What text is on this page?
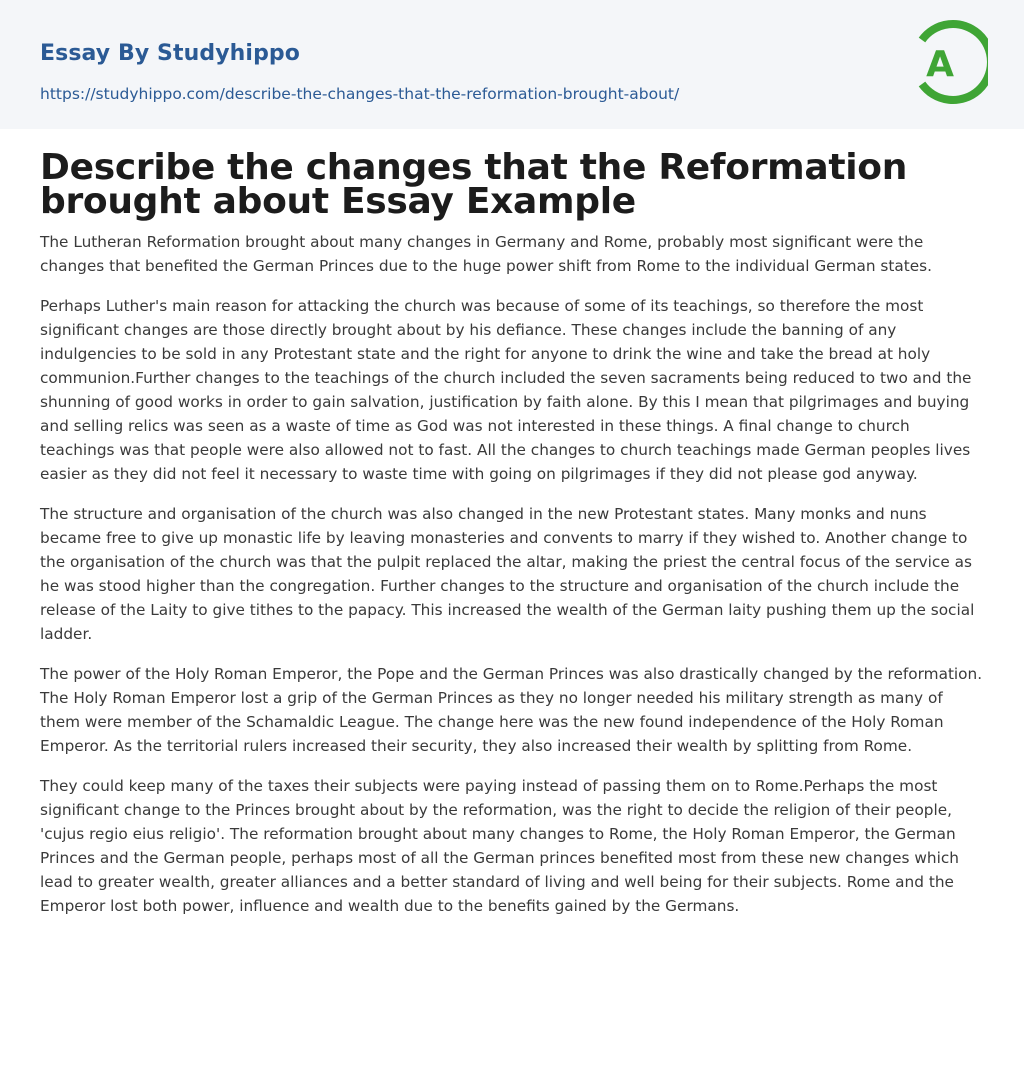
Essay By Studyhippo
https://studyhippo.com/describe-the-changes-that-the-reformation-brought-about/
A
Describe the changes that the Reformation brought about Essay Example

The Lutheran Reformation brought about many changes in Germany and Rome, probably most significant were the changes that benefited the German Princes due to the huge power shift from Rome to the individual German states.

Perhaps Luther's main reason for attacking the church was because of some of its teachings, so therefore the most significant changes are those directly brought about by his defiance. These changes include the banning of any indulgencies to be sold in any Protestant state and the right for anyone to drink the wine and take the bread at holy communion.Further changes to the teachings of the church included the seven sacraments being reduced to two and the shunning of good works in order to gain salvation, justification by faith alone. By this I mean that pilgrimages and buying and selling relics was seen as a waste of time as God was not interested in these things. A final change to church teachings was that people were also allowed not to fast. All the changes to church teachings made German peoples lives easier as they did not feel it necessary to waste time with going on pilgrimages if they did not please god anyway.

The structure and organisation of the church was also changed in the new Protestant states. Many monks and nuns became free to give up monastic life by leaving monasteries and convents to marry if they wished to. Another change to the organisation of the church was that the pulpit replaced the altar, making the priest the central focus of the service as he was stood higher than the congregation. Further changes to the structure and organisation of the church include the release of the Laity to give tithes to the papacy. This increased the wealth of the German laity pushing them up the social ladder.

The power of the Holy Roman Emperor, the Pope and the German Princes was also drastically changed by the reformation. The Holy Roman Emperor lost a grip of the German Princes as they no longer needed his military strength as many of them were member of the Schamaldic League. The change here was the new found independence of the Holy Roman Emperor. As the territorial rulers increased their security, they also increased their wealth by splitting from Rome.

They could keep many of the taxes their subjects were paying instead of passing them on to Rome.Perhaps the most significant change to the Princes brought about by the reformation, was the right to decide the religion of their people, 'cujus regio eius religio'. The reformation brought about many changes to Rome, the Holy Roman Emperor, the German Princes and the German people, perhaps most of all the German princes benefited most from these new changes which lead to greater wealth, greater alliances and a better standard of living and well being for their subjects. Rome and the Emperor lost both power, influence and wealth due to the benefits gained by the Germans.
